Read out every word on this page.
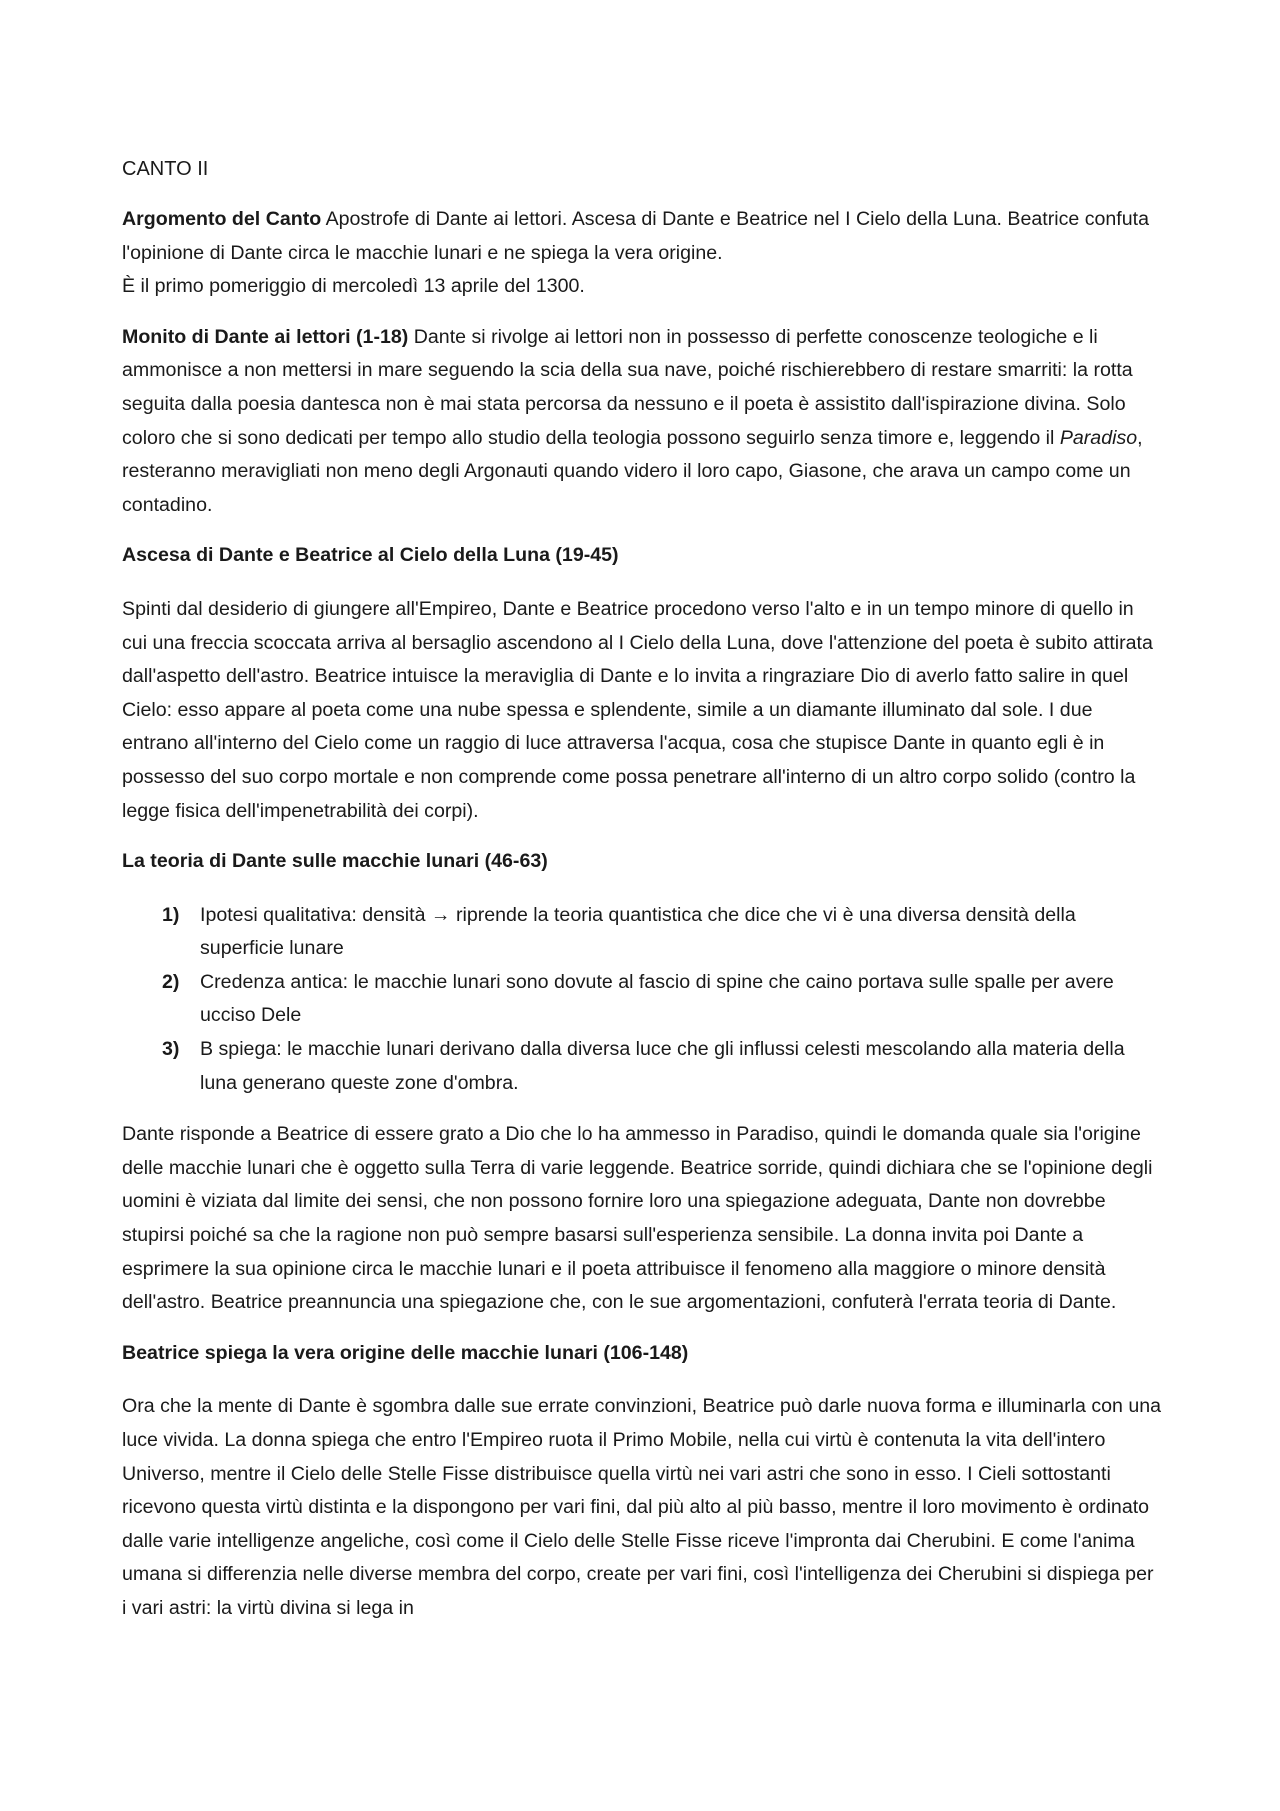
CANTO II
Argomento del Canto Apostrofe di Dante ai lettori. Ascesa di Dante e Beatrice nel I Cielo della Luna. Beatrice confuta l'opinione di Dante circa le macchie lunari e ne spiega la vera origine.
È il primo pomeriggio di mercoledì 13 aprile del 1300.
Monito di Dante ai lettori (1-18) Dante si rivolge ai lettori non in possesso di perfette conoscenze teologiche e li ammonisce a non mettersi in mare seguendo la scia della sua nave, poiché rischierebbero di restare smarriti: la rotta seguita dalla poesia dantesca non è mai stata percorsa da nessuno e il poeta è assistito dall'ispirazione divina. Solo coloro che si sono dedicati per tempo allo studio della teologia possono seguirlo senza timore e, leggendo il Paradiso, resteranno meravigliati non meno degli Argonauti quando videro il loro capo, Giasone, che arava un campo come un contadino.
Ascesa di Dante e Beatrice al Cielo della Luna (19-45)
Spinti dal desiderio di giungere all'Empireo, Dante e Beatrice procedono verso l'alto e in un tempo minore di quello in cui una freccia scoccata arriva al bersaglio ascendono al I Cielo della Luna, dove l'attenzione del poeta è subito attirata dall'aspetto dell'astro. Beatrice intuisce la meraviglia di Dante e lo invita a ringraziare Dio di averlo fatto salire in quel Cielo: esso appare al poeta come una nube spessa e splendente, simile a un diamante illuminato dal sole. I due entrano all'interno del Cielo come un raggio di luce attraversa l'acqua, cosa che stupisce Dante in quanto egli è in possesso del suo corpo mortale e non comprende come possa penetrare all'interno di un altro corpo solido (contro la legge fisica dell'impenetrabilità dei corpi).
La teoria di Dante sulle macchie lunari (46-63)
1) Ipotesi qualitativa: densità → riprende la teoria quantistica che dice che vi è una diversa densità della superficie lunare
2) Credenza antica: le macchie lunari sono dovute al fascio di spine che caino portava sulle spalle per avere ucciso Dele
3) B spiega: le macchie lunari derivano dalla diversa luce che gli influssi celesti mescolando alla materia della luna generano queste zone d'ombra.
Dante risponde a Beatrice di essere grato a Dio che lo ha ammesso in Paradiso, quindi le domanda quale sia l'origine delle macchie lunari che è oggetto sulla Terra di varie leggende. Beatrice sorride, quindi dichiara che se l'opinione degli uomini è viziata dal limite dei sensi, che non possono fornire loro una spiegazione adeguata, Dante non dovrebbe stupirsi poiché sa che la ragione non può sempre basarsi sull'esperienza sensibile. La donna invita poi Dante a esprimere la sua opinione circa le macchie lunari e il poeta attribuisce il fenomeno alla maggiore o minore densità dell'astro. Beatrice preannuncia una spiegazione che, con le sue argomentazioni, confuterà l'errata teoria di Dante.
Beatrice spiega la vera origine delle macchie lunari (106-148)
Ora che la mente di Dante è sgombra dalle sue errate convinzioni, Beatrice può darle nuova forma e illuminarla con una luce vivida. La donna spiega che entro l'Empireo ruota il Primo Mobile, nella cui virtù è contenuta la vita dell'intero Universo, mentre il Cielo delle Stelle Fisse distribuisce quella virtù nei vari astri che sono in esso. I Cieli sottostanti ricevono questa virtù distinta e la dispongono per vari fini, dal più alto al più basso, mentre il loro movimento è ordinato dalle varie intelligenze angeliche, così come il Cielo delle Stelle Fisse riceve l'impronta dai Cherubini. E come l'anima umana si differenzia nelle diverse membra del corpo, create per vari fini, così l'intelligenza dei Cherubini si dispiega per i vari astri: la virtù divina si lega in
